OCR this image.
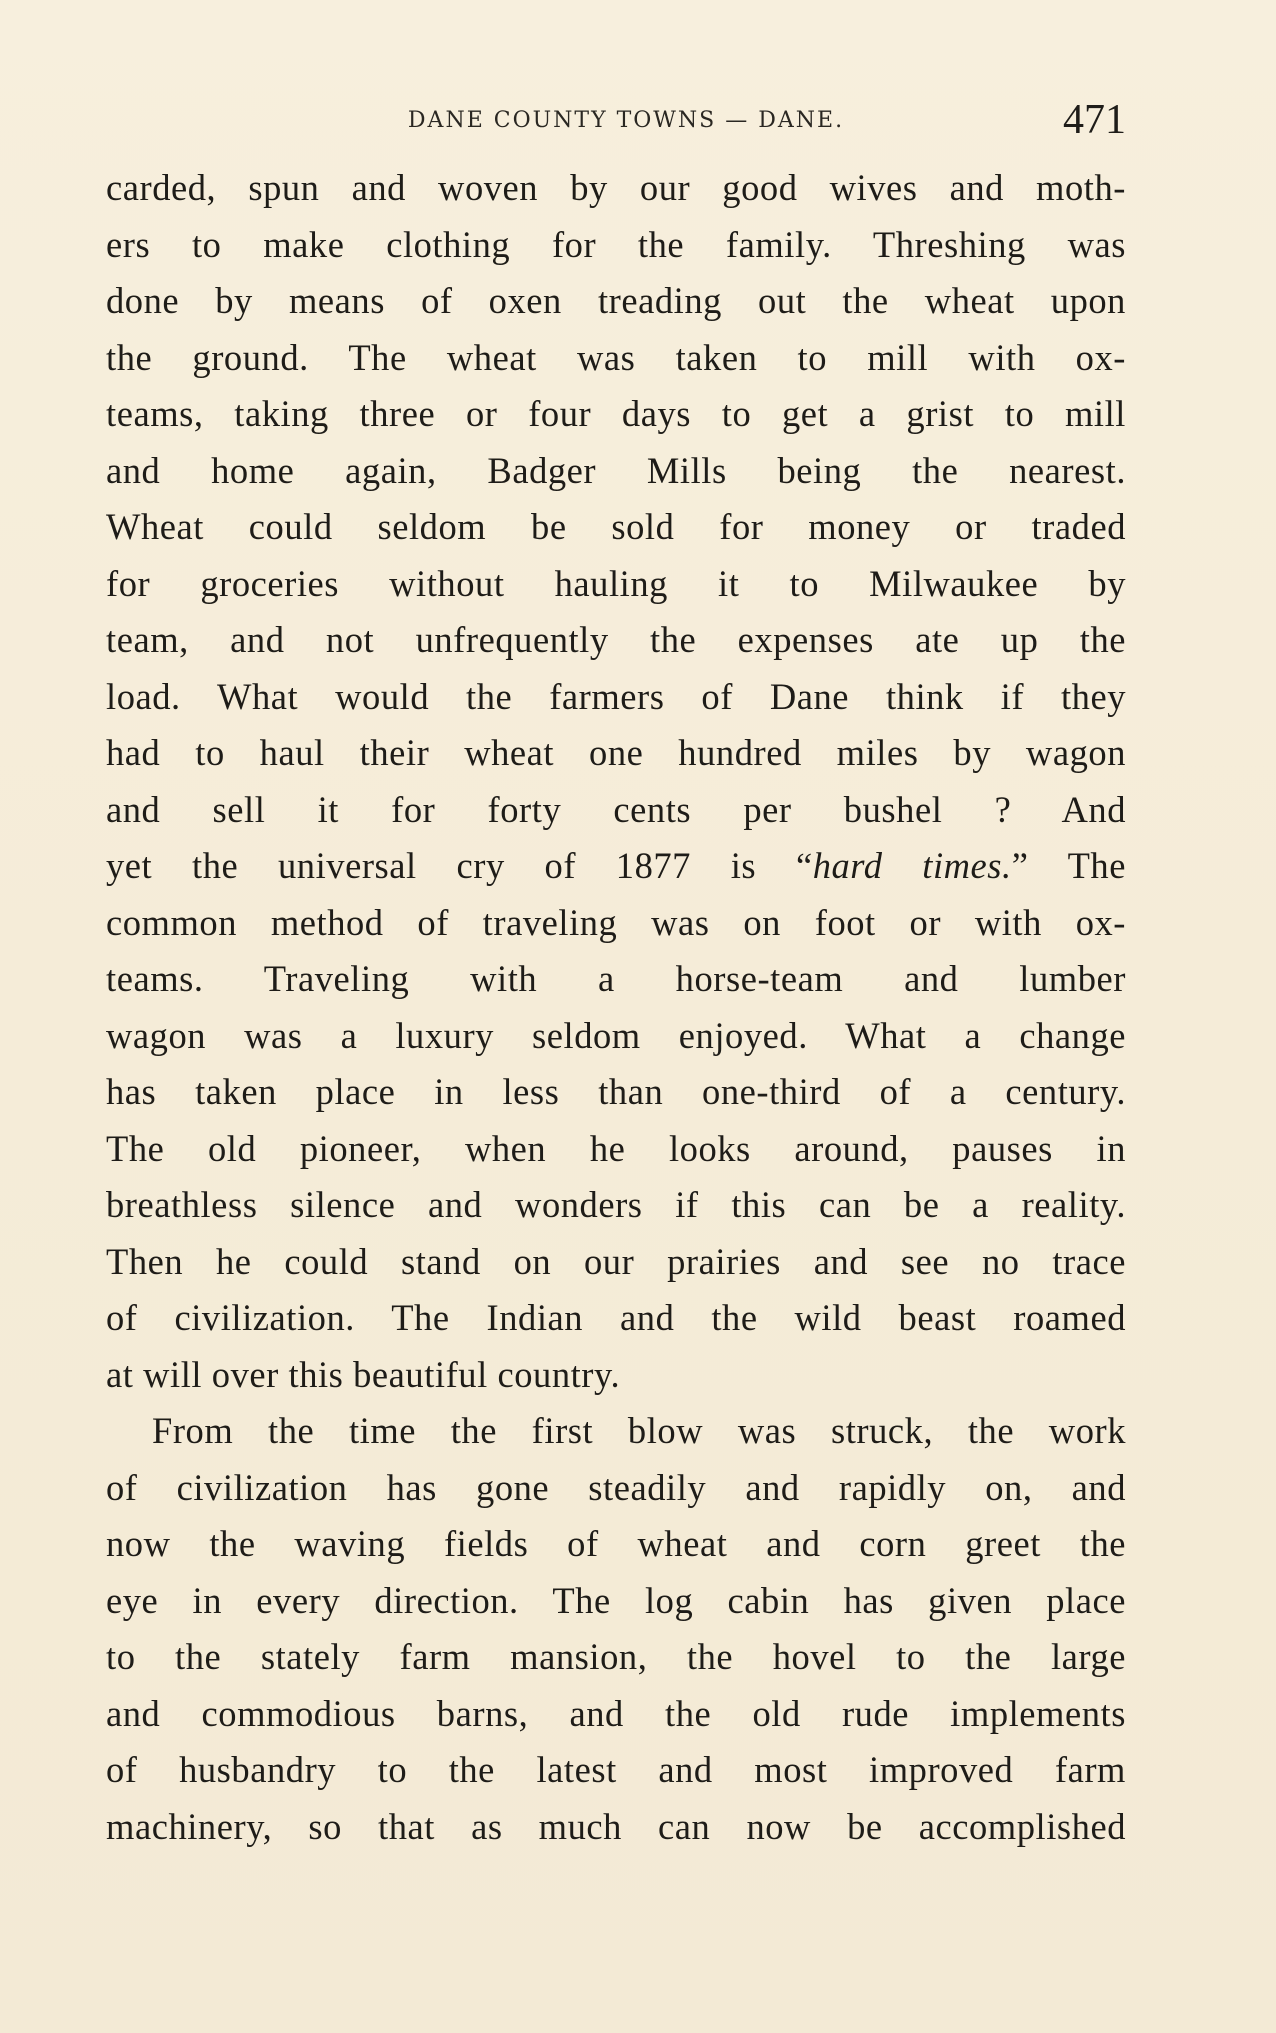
DANE COUNTY TOWNS — DANE.	471
carded, spun and woven by our good wives and moth-
ers to make clothing for the family. Threshing was
done by means of oxen treading out the wheat upon
the ground. The wheat was taken to mill with ox-
teams, taking three or four days to get a grist to mill
and home again, Badger Mills being the nearest.
Wheat could seldom be sold for money or traded
for groceries without hauling it to Milwaukee by
team, and not unfrequently the expenses ate up the
load. What would the farmers of Dane think if they
had to haul their wheat one hundred miles by wagon
and sell it for forty cents per bushel ? And
yet the universal cry of 1877 is “hard times.” The
common method of traveling was on foot or with ox-
teams. Traveling with a horse-team and lumber
wagon was a luxury seldom enjoyed. What a change
has taken place in less than one-third of a century.
The old pioneer, when he looks around, pauses in
breathless silence and wonders if this can be a reality.
Then he could stand on our prairies and see no trace
of civilization. The Indian and the wild beast roamed
at will over this beautiful country.
From the time the first blow was struck, the work
of civilization has gone steadily and rapidly on, and
now the waving fields of wheat and corn greet the
eye in every direction. The log cabin has given place
to the stately farm mansion, the hovel to the large
and commodious barns, and the old rude implements
of husbandry to the latest and most improved farm
machinery, so that as much can now be accomplished
